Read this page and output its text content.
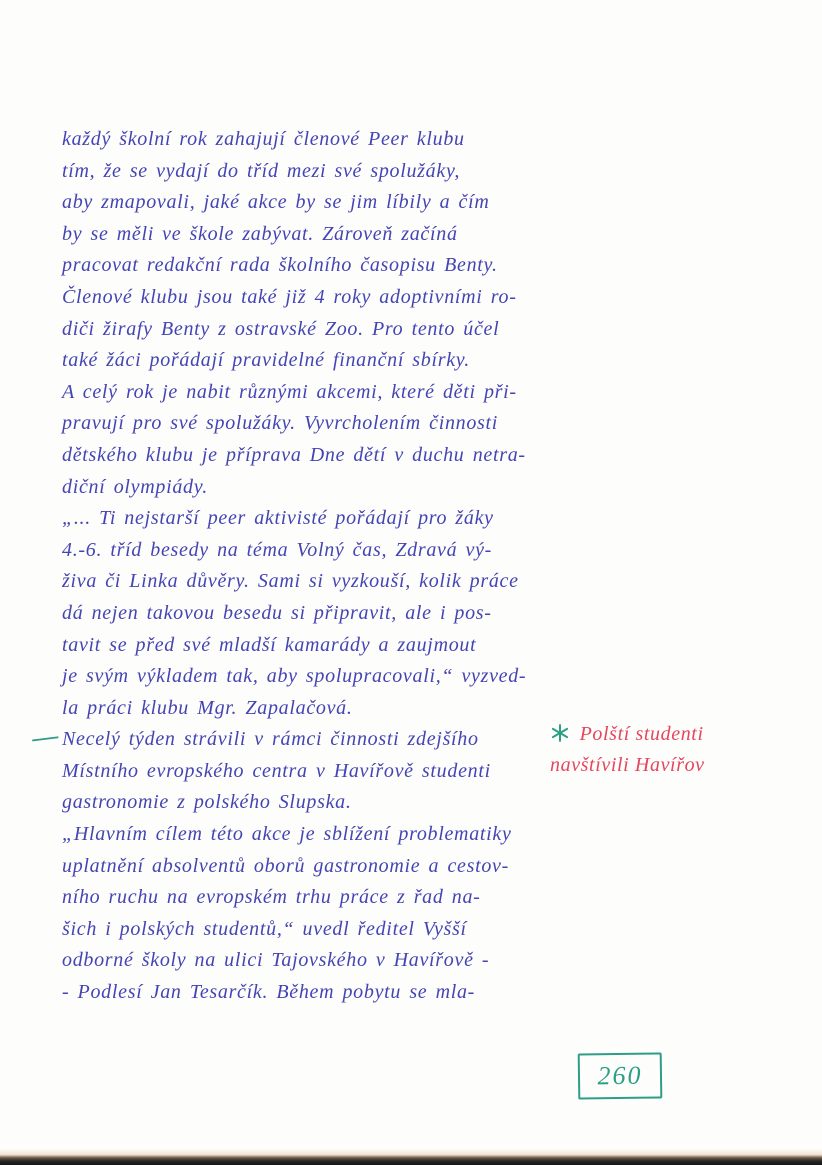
každý školní rok zahajují členové Peer klubu
tím, že se vydají do tříd mezi své spolužáky,
aby zmapovali, jaké akce by se jim líbily a čím
by se měli ve škole zabývat. Zároveň začíná
pracovat redakční rada školního časopisu Benty.
Členové klubu jsou také již 4 roky adoptivními ro-
diči žirafy Benty z ostravské Zoo. Pro tento účel
také žáci pořádají pravidelné finanční sbírky.
A celý rok je nabit různými akcemi, které děti při-
pravují pro své spolužáky. Vyvrcholením činnosti
dětského klubu je příprava Dne dětí v duchu netra-
diční olympiády.
„... Ti nejstarší peer aktivisté pořádají pro žáky
4.-6. tříd besedy na téma Volný čas, Zdravá vý-
živa či Linka důvěry. Sami si vyzkouší, kolik práce
dá nejen takovou besedu si připravit, ale i pos-
tavit se před své mladší kamarády a zaujmout
je svým výkladem tak, aby spolupracovali,“ vyzved-
la práci klubu Mgr. Zapalačová.
Necelý týden strávili v rámci činnosti zdejšího
Místního evropského centra v Havířově studenti
gastronomie z polského Slupska.
„Hlavním cílem této akce je sblížení problematiky
uplatnění absolventů oborů gastronomie a cestov-
ního ruchu na evropském trhu práce z řad na-
šich i polských studentů,“ uvedl ředitel Vyšší
odborné školy na ulici Tajovského v Havířově -
- Podlesí Jan Tesarčík. Během pobytu se mla-
—	Polští studenti
navštívili Havířov
260
